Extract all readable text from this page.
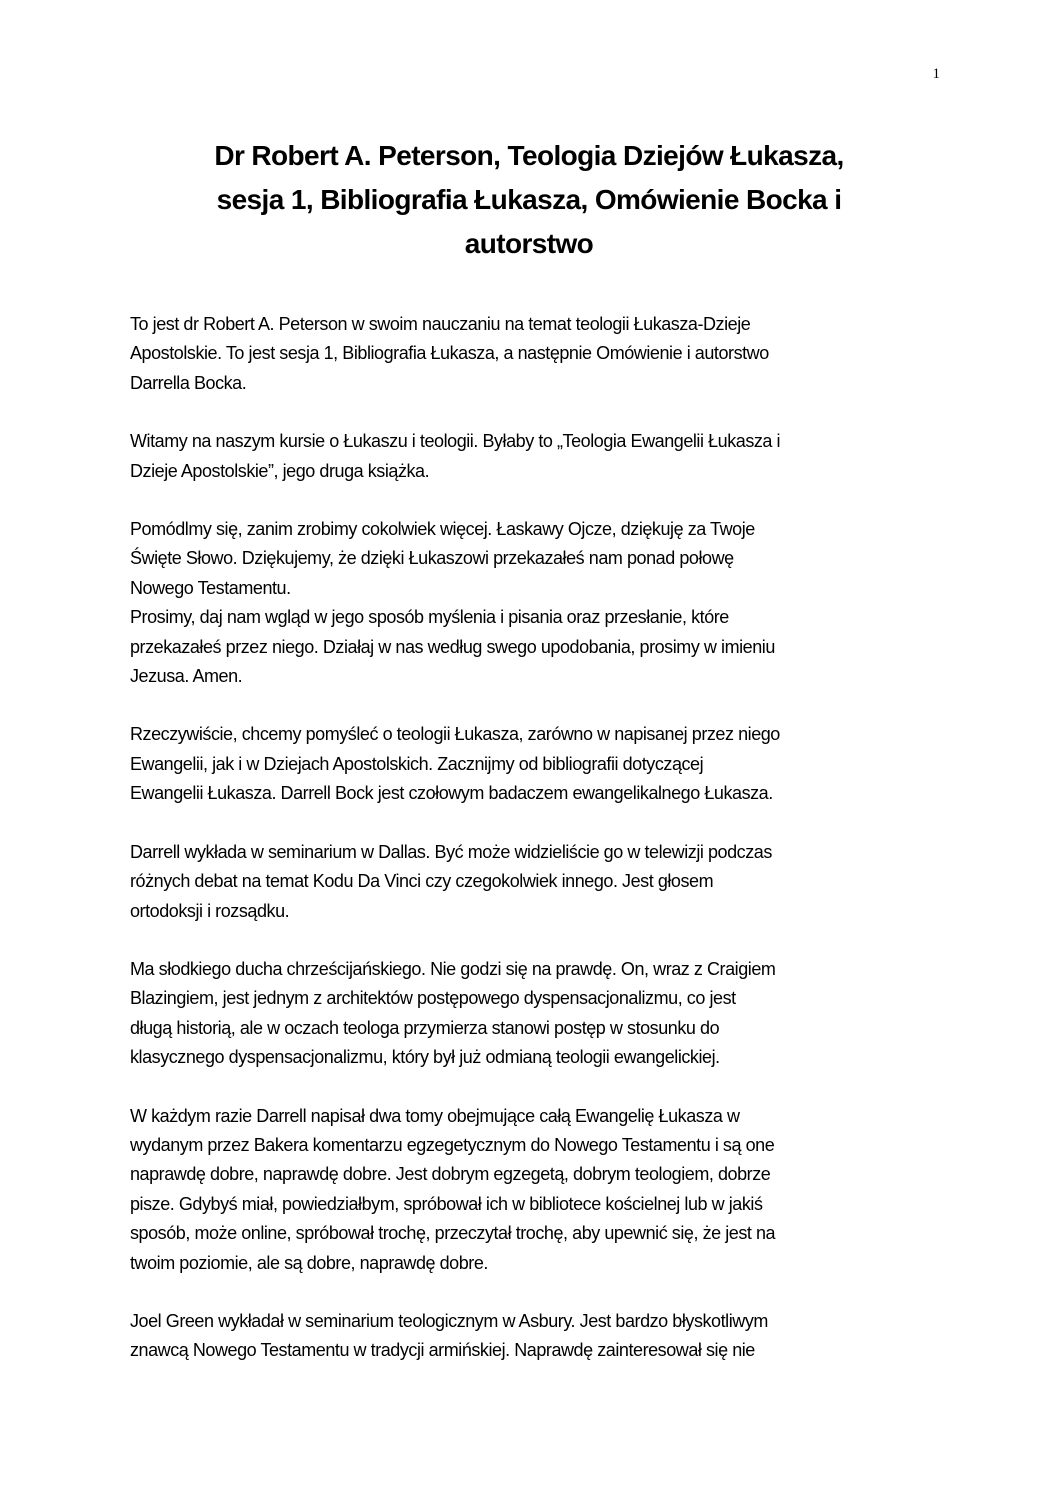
1
Dr Robert A. Peterson, Teologia Dziejów Łukasza,
sesja 1, Bibliografia Łukasza, Omówienie Bocka i
autorstwo

To jest dr Robert A. Peterson w swoim nauczaniu na temat teologii Łukasza-Dzieje
Apostolskie. To jest sesja 1, Bibliografia Łukasza, a następnie Omówienie i autorstwo
Darrella Bocka.

Witamy na naszym kursie o Łukaszu i teologii. Byłaby to „Teologia Ewangelii Łukasza i
Dzieje Apostolskie”, jego druga książka.

Pomódlmy się, zanim zrobimy cokolwiek więcej. Łaskawy Ojcze, dziękuję za Twoje
Święte Słowo. Dziękujemy, że dzięki Łukaszowi przekazałeś nam ponad połowę
Nowego Testamentu.

Prosimy, daj nam wgląd w jego sposób myślenia i pisania oraz przesłanie, które
przekazałeś przez niego. Działaj w nas według swego upodobania, prosimy w imieniu
Jezusa. Amen.

Rzeczywiście, chcemy pomyśleć o teologii Łukasza, zarówno w napisanej przez niego
Ewangelii, jak i w Dziejach Apostolskich. Zacznijmy od bibliografii dotyczącej
Ewangelii Łukasza. Darrell Bock jest czołowym badaczem ewangelikalnego Łukasza.

Darrell wykłada w seminarium w Dallas. Być może widzieliście go w telewizji podczas
różnych debat na temat Kodu Da Vinci czy czegokolwiek innego. Jest głosem
ortodoksji i rozsądku.

Ma słodkiego ducha chrześcijańskiego. Nie godzi się na prawdę. On, wraz z Craigiem
Blazingiem, jest jednym z architektów postępowego dyspensacjonalizmu, co jest
długą historią, ale w oczach teologa przymierza stanowi postęp w stosunku do
klasycznego dyspensacjonalizmu, który był już odmianą teologii ewangelickiej.

W każdym razie Darrell napisał dwa tomy obejmujące całą Ewangelię Łukasza w
wydanym przez Bakera komentarzu egzegetycznym do Nowego Testamentu i są one
naprawdę dobre, naprawdę dobre. Jest dobrym egzegetą, dobrym teologiem, dobrze
pisze. Gdybyś miał, powiedziałbym, spróbował ich w bibliotece kościelnej lub w jakiś
sposób, może online, spróbował trochę, przeczytał trochę, aby upewnić się, że jest na
twoim poziomie, ale są dobre, naprawdę dobre.

Joel Green wykładał w seminarium teologicznym w Asbury. Jest bardzo błyskotliwym
znawcą Nowego Testamentu w tradycji armińskiej. Naprawdę zainteresował się nie
